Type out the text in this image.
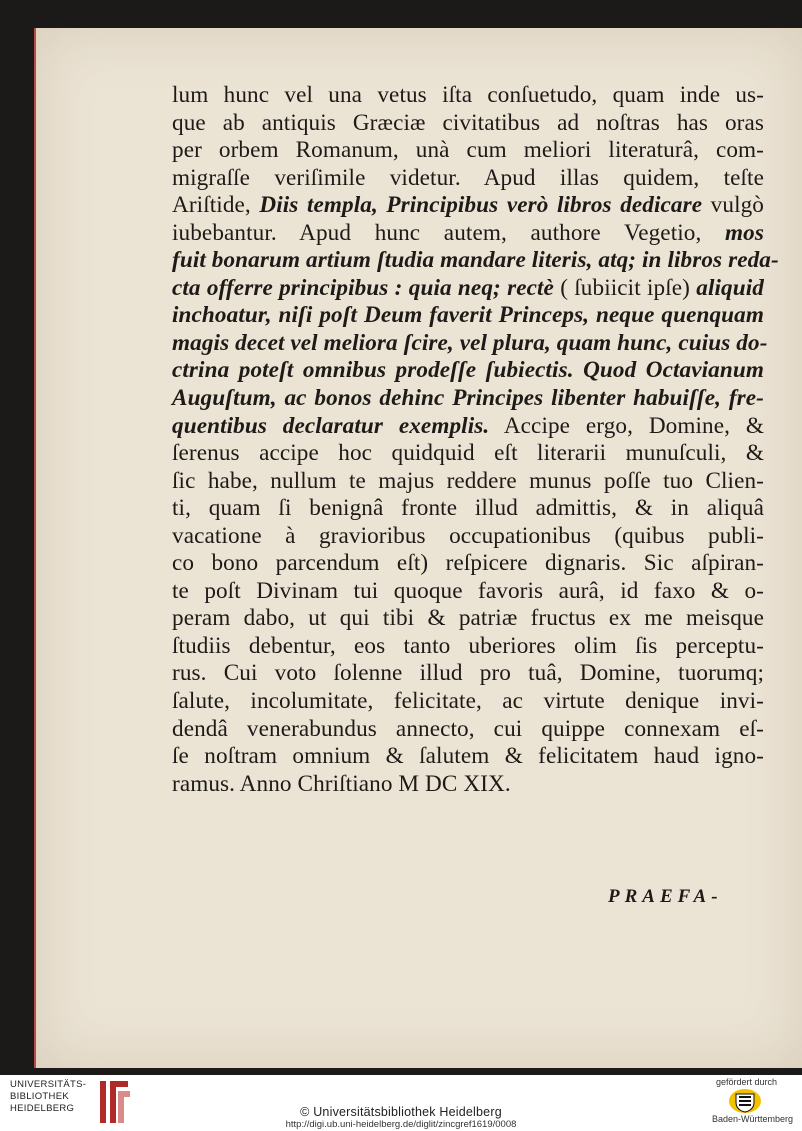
lum hunc vel una vetus iſta conſuetudo, quam inde us-
que ab antiquis Græciæ civitatibus ad noſtras has oras
per orbem Romanum, unà cum meliori literaturâ, com-
migraſſe veriſimile videtur. Apud illas quidem, teſte
Ariſtide, Diis templa, Principibus verò libros dedicare vulgò
iubebantur. Apud hunc autem, authore Vegetio, mos
fuit bonarum artium ſtudia mandare literis, atq; in libros reda-
cta offerre principibus : quia neq; rectè ( ſubiicit ipſe) aliquid
inchoatur, niſi poſt Deum faverit Princeps, neque quenquam
magis decet vel meliora ſcire, vel plura, quam hunc, cuius do-
ctrina poteſt omnibus prodeſſe ſubiectis. Quod Octavianum
Auguſtum, ac bonos dehinc Principes libenter habuiſſe, fre-
quentibus declaratur exemplis. Accipe ergo, Domine, &
ſerenus accipe hoc quidquid eſt literarii munuſculi, &
ſic habe, nullum te majus reddere munus poſſe tuo Clien-
ti, quam ſi benignâ fronte illud admittis, & in aliquâ
vacatione à gravioribus occupationibus (quibus publi-
co bono parcendum eſt) reſpicere dignaris. Sic aſpiran-
te poſt Divinam tui quoque favoris aurâ, id faxo & o-
peram dabo, ut qui tibi & patriæ fructus ex me meisque
ſtudiis debentur, eos tanto uberiores olim ſis perceptu-
rus. Cui voto ſolenne illud pro tuâ, Domine, tuorumq;
ſalute, incolumitate, felicitate, ac virtute denique invi-
dendâ venerabundus annecto, cui quippe connexam eſ-
ſe noſtram omnium & ſalutem & felicitatem haud igno-
ramus. Anno Chriſtiano M DC XIX.
PRAEFA-
UNIVERSITÄTS-
BIBLIOTHEK
HEIDELBERG	© Universitätsbibliothek Heidelberg
http://digi.ub.uni-heidelberg.de/diglit/zincgref1619/0008
gefördert durch
Baden-Württemberg
